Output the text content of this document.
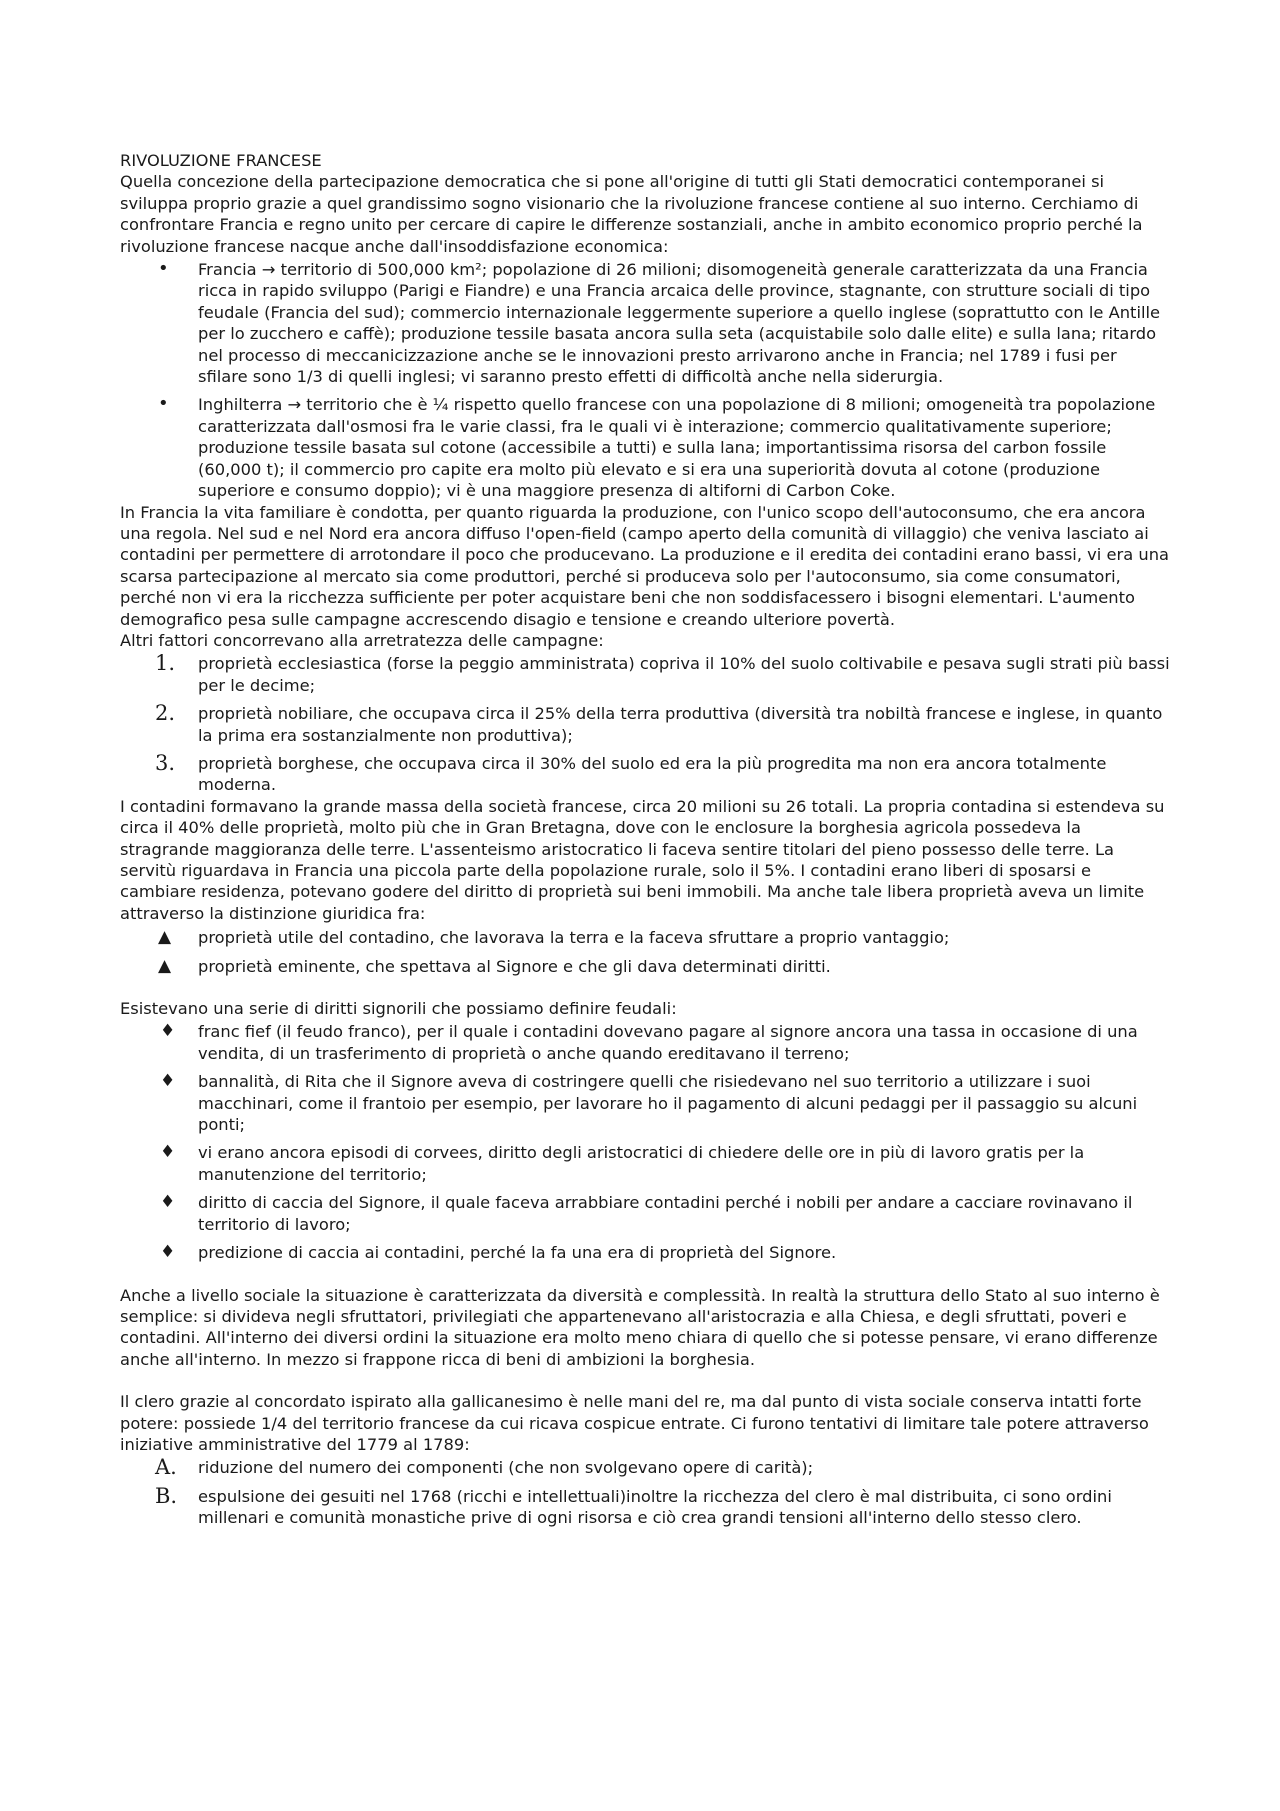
RIVOLUZIONE FRANCESE

Quella concezione della partecipazione democratica che si pone all'origine di tutti gli Stati democratici contemporanei si sviluppa proprio grazie a quel grandissimo sogno visionario che la rivoluzione francese contiene al suo interno. Cerchiamo di confrontare Francia e regno unito per cercare di capire le differenze sostanziali, anche in ambito economico proprio perché la rivoluzione francese nacque anche dall'insoddisfazione economica:

•	Francia → territorio di 500,000 km²; popolazione di 26 milioni; disomogeneità generale caratterizzata da una Francia ricca in rapido sviluppo (Parigi e Fiandre) e una Francia arcaica delle province, stagnante, con strutture sociali di tipo feudale (Francia del sud); commercio internazionale leggermente superiore a quello inglese (soprattutto con le Antille per lo zucchero e caffè); produzione tessile basata ancora sulla seta (acquistabile solo dalle elite) e sulla lana; ritardo nel processo di meccanicizzazione anche se le innovazioni presto arrivarono anche in Francia; nel 1789 i fusi per sfilare sono 1/3 di quelli inglesi; vi saranno presto effetti di difficoltà anche nella siderurgia.
•	Inghilterra → territorio che è ¼ rispetto quello francese con una popolazione di 8 milioni; omogeneità tra popolazione caratterizzata dall'osmosi fra le varie classi, fra le quali vi è interazione; commercio qualitativamente superiore; produzione tessile basata sul cotone (accessibile a tutti) e sulla lana; importantissima risorsa del carbon fossile (60,000 t); il commercio pro capite era molto più elevato e si era una superiorità dovuta al cotone (produzione superiore e consumo doppio); vi è una maggiore presenza di altiforni di Carbon Coke.

In Francia la vita familiare è condotta, per quanto riguarda la produzione, con l'unico scopo dell'autoconsumo, che era ancora una regola. Nel sud e nel Nord era ancora diffuso l'open-field (campo aperto della comunità di villaggio) che veniva lasciato ai contadini per permettere di arrotondare il poco che producevano. La produzione e il eredita dei contadini erano bassi, vi era una scarsa partecipazione al mercato sia come produttori, perché si produceva solo per l'autoconsumo, sia come consumatori, perché non vi era la ricchezza sufficiente per poter acquistare beni che non soddisfacessero i bisogni elementari. L'aumento demografico pesa sulle campagne accrescendo disagio e tensione e creando ulteriore povertà.

Altri fattori concorrevano alla arretratezza delle campagne:

1.	proprietà ecclesiastica (forse la peggio amministrata) copriva il 10% del suolo coltivabile e pesava sugli strati più bassi per le decime;
2.	proprietà nobiliare, che occupava circa il 25% della terra produttiva (diversità tra nobiltà francese e inglese, in quanto la prima era sostanzialmente non produttiva);
3.	proprietà borghese, che occupava circa il 30% del suolo ed era la più progredita ma non era ancora totalmente moderna.

I contadini formavano la grande massa della società francese, circa 20 milioni su 26 totali. La propria contadina si estendeva su circa il 40% delle proprietà, molto più che in Gran Bretagna, dove con le enclosure la borghesia agricola possedeva la stragrande maggioranza delle terre. L'assenteismo aristocratico li faceva sentire titolari del pieno possesso delle terre. La servitù riguardava in Francia una piccola parte della popolazione rurale, solo il 5%. I contadini erano liberi di sposarsi e cambiare residenza, potevano godere del diritto di proprietà sui beni immobili. Ma anche tale libera proprietà aveva un limite attraverso la distinzione giuridica fra:

▲	proprietà utile del contadino, che lavorava la terra e la faceva sfruttare a proprio vantaggio;
▲	proprietà eminente, che spettava al Signore e che gli dava determinati diritti.

Esistevano una serie di diritti signorili che possiamo definire feudali:

♦	franc fief (il feudo franco), per il quale i contadini dovevano pagare al signore ancora una tassa in occasione di una vendita, di un trasferimento di proprietà o anche quando ereditavano il terreno;
♦	bannalità, di Rita che il Signore aveva di costringere quelli che risiedevano nel suo territorio a utilizzare i suoi macchinari, come il frantoio per esempio, per lavorare ho il pagamento di alcuni pedaggi per il passaggio su alcuni ponti;
♦	vi erano ancora episodi di corvees, diritto degli aristocratici di chiedere delle ore in più di lavoro gratis per la manutenzione del territorio;
♦	diritto di caccia del Signore, il quale faceva arrabbiare contadini perché i nobili per andare a cacciare rovinavano il territorio di lavoro;
♦	predizione di caccia ai contadini, perché la fa una era di proprietà del Signore.

Anche a livello sociale la situazione è caratterizzata da diversità e complessità. In realtà la struttura dello Stato al suo interno è semplice: si divideva negli sfruttatori, privilegiati che appartenevano all'aristocrazia e alla Chiesa, e degli sfruttati, poveri e contadini. All'interno dei diversi ordini la situazione era molto meno chiara di quello che si potesse pensare, vi erano differenze anche all'interno. In mezzo si frappone ricca di beni di ambizioni la borghesia.

Il clero grazie al concordato ispirato alla gallicanesimo è nelle mani del re, ma dal punto di vista sociale conserva intatti forte potere: possiede 1/4 del territorio francese da cui ricava cospicue entrate. Ci furono tentativi di limitare tale potere attraverso iniziative amministrative del 1779 al 1789:

A.	riduzione del numero dei componenti (che non svolgevano opere di carità);
B.	espulsione dei gesuiti nel 1768 (ricchi e intellettuali)inoltre la ricchezza del clero è mal distribuita, ci sono ordini millenari e comunità monastiche prive di ogni risorsa e ciò crea grandi tensioni all'interno dello stesso clero.
